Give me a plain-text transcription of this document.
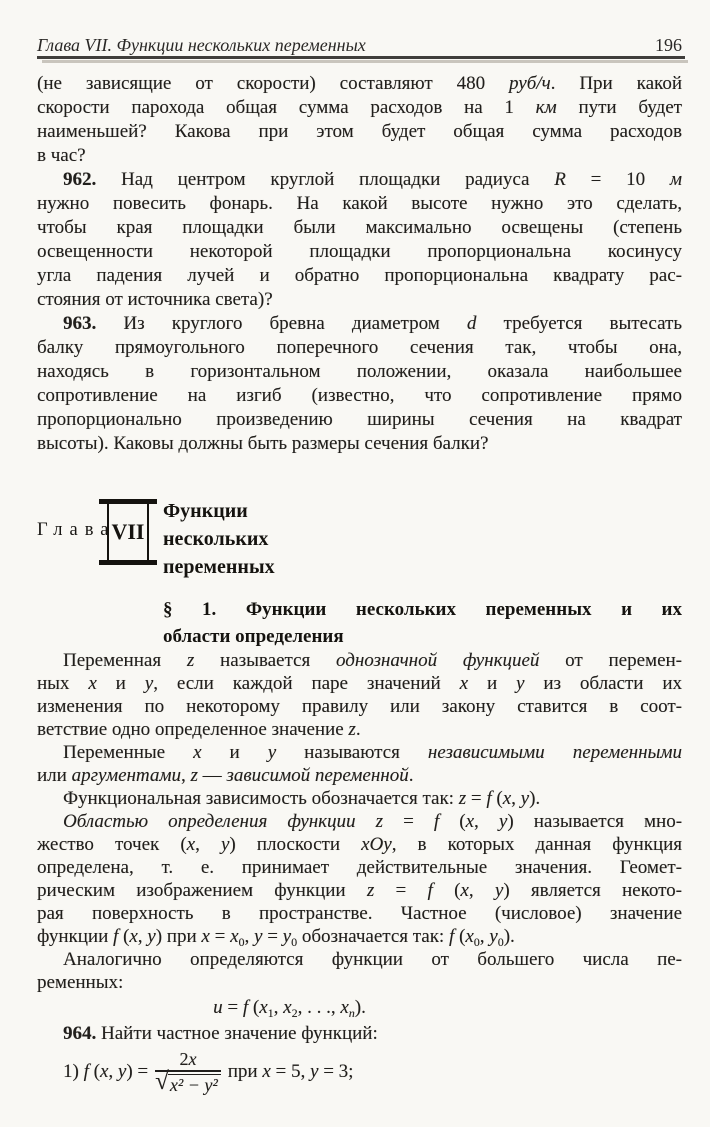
Глава VII. Функции нескольких переменных	196
(не зависящие от скорости) составляют 480 руб/ч. При какой
скорости парохода общая сумма расходов на 1 км пути будет
наименьшей? Какова при этом будет общая сумма расходов
в час?
962. Над центром круглой площадки радиуса R = 10 м
нужно повесить фонарь. На какой высоте нужно это сделать,
чтобы края площадки были максимально освещены (степень
освещенности некоторой площадки пропорциональна косинусу
угла падения лучей и обратно пропорциональна квадрату рас-
стояния от источника света)?
963. Из круглого бревна диаметром d требуется вытесать
балку прямоугольного поперечного сечения так, чтобы она,
находясь в горизонтальном положении, оказала наибольшее
сопротивление на изгиб (известно, что сопротивление прямо
пропорционально произведению ширины сечения на квадрат
высоты). Каковы должны быть размеры сечения балки?
Глава
VII
Функции
нескольких
переменных
§ 1. Функции нескольких переменных и их
области определения
Переменная z называется однозначной функцией от перемен-
ных x и y, если каждой паре значений x и y из области их
изменения по некоторому правилу или закону ставится в соот-
ветствие одно определенное значение z.
Переменные x и y называются независимыми переменными
или аргументами, z — зависимой переменной.
Функциональная зависимость обозначается так: z = f (x, y).
Областью определения функции z = f (x, y) называется мно-
жество точек (x, y) плоскости xOy, в которых данная функция
определена, т. е. принимает действительные значения. Геомет-
рическим изображением функции z = f (x, y) является некото-
рая поверхность в пространстве. Частное (числовое) значение
функции f (x, y) при $x = x_0$, $y = y_0$ обозначается так: f ($x_0$, $y_0$).
Аналогично определяются функции от большего числа пе-
ременных:
u = f ($x_1$, $x_2$, . . ., $x_n$).
964. Найти частное значение функций:
1) f (x, $y) = \frac{2x}{\text{√ x² − y²}}$ при x = 5, y = 3;
